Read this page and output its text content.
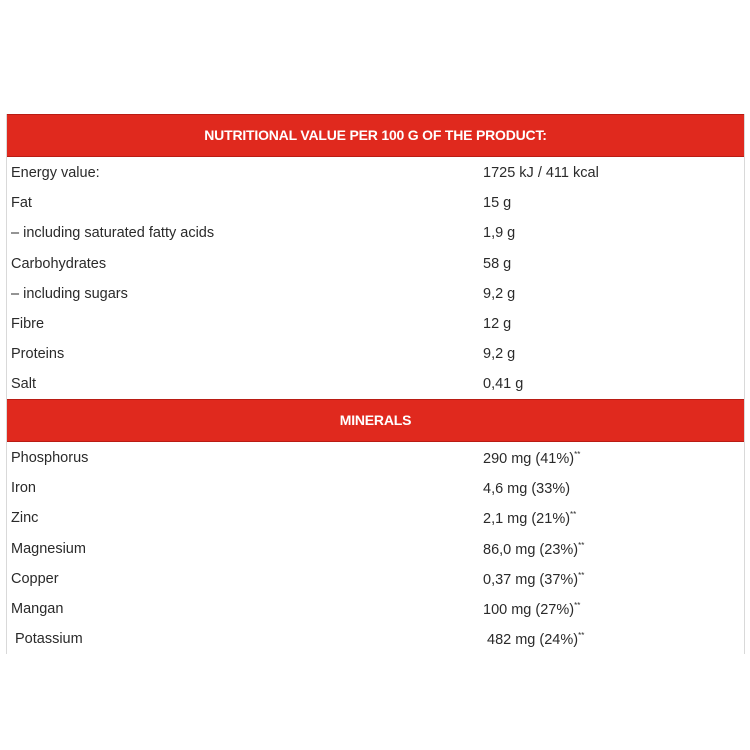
NUTRITIONAL VALUE PER 100 G OF THE PRODUCT:
Energy value:	1725 kJ / 411 kcal
Fat	15 g
– including saturated fatty acids	1,9 g
Carbohydrates	58 g
– including sugars	9,2 g
Fibre	12 g
Proteins	9,2 g
Salt	0,41 g
MINERALS
Phosphorus	290 mg (41%)**
Iron	4,6 mg (33%)
Zinc	2,1 mg (21%)**
Magnesium	86,0 mg (23%)**
Copper	0,37 mg (37%)**
Mangan	100 mg (27%)**
Potassium	482 mg (24%)**
